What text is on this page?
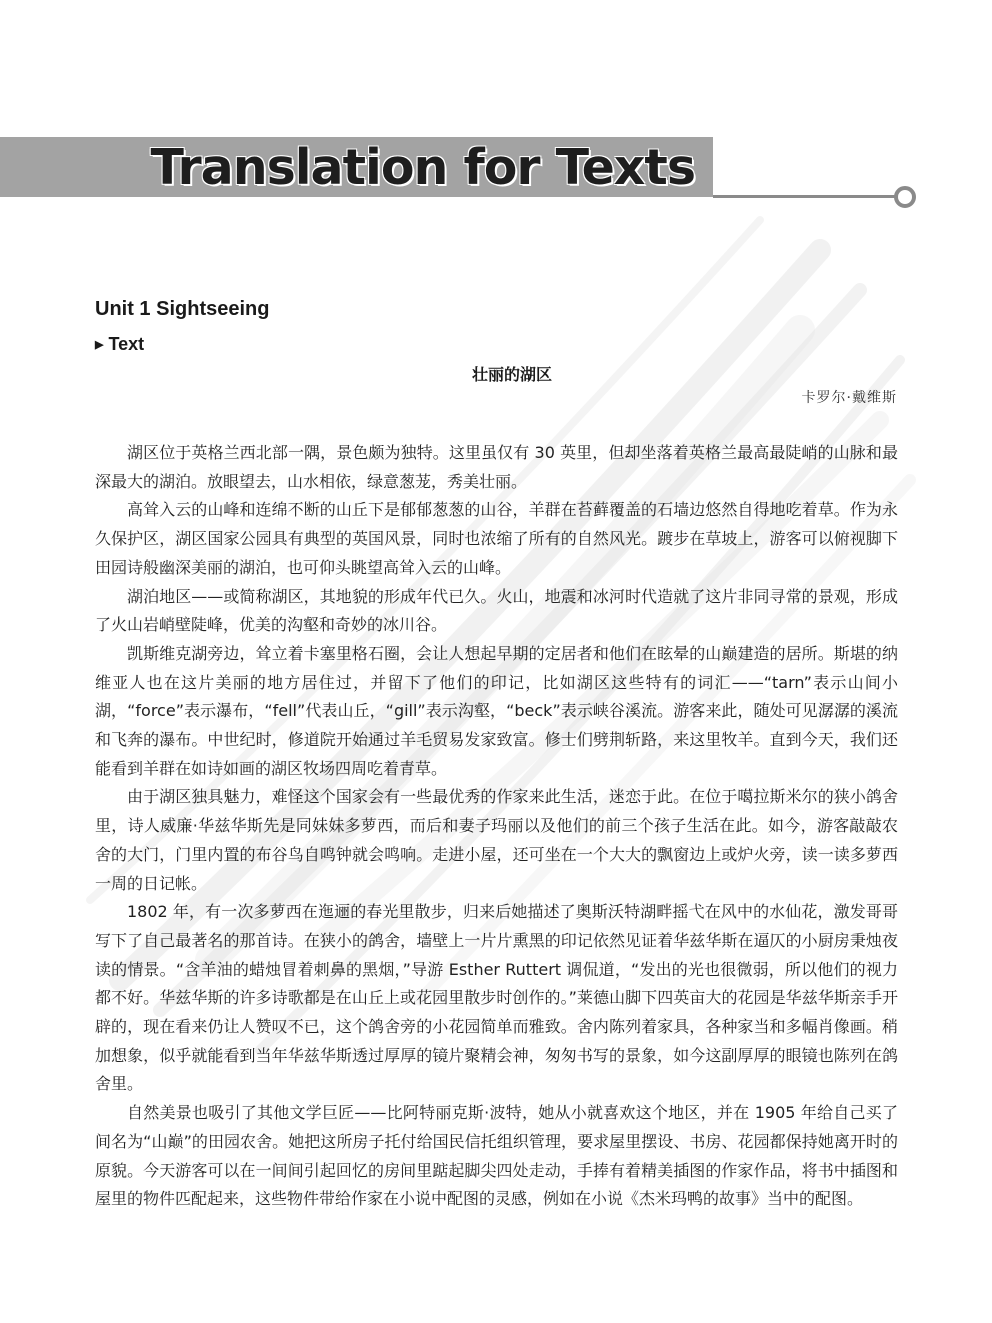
Translation for Texts
Unit 1 Sightseeing
▶ Text
壮丽的湖区
卡罗尔·戴维斯

湖区位于英格兰西北部一隅，景色颇为独特。这里虽仅有 30 英里，但却坐落着英格兰最高最陡峭的山脉和最深最大的湖泊。放眼望去，山水相依，绿意葱茏，秀美壮丽。

高耸入云的山峰和连绵不断的山丘下是郁郁葱葱的山谷，羊群在苔藓覆盖的石墙边悠然自得地吃着草。作为永久保护区，湖区国家公园具有典型的英国风景，同时也浓缩了所有的自然风光。踱步在草坡上，游客可以俯视脚下田园诗般幽深美丽的湖泊，也可仰头眺望高耸入云的山峰。

湖泊地区——或简称湖区，其地貌的形成年代已久。火山，地震和冰河时代造就了这片非同寻常的景观，形成了火山岩峭壁陡峰，优美的沟壑和奇妙的冰川谷。

凯斯维克湖旁边，耸立着卡塞里格石圈，会让人想起早期的定居者和他们在眩晕的山巅建造的居所。斯堪的纳维亚人也在这片美丽的地方居住过，并留下了他们的印记，比如湖区这些特有的词汇——“tarn”表示山间小湖，“force”表示瀑布，“fell”代表山丘，“gill”表示沟壑，“beck”表示峡谷溪流。游客来此，随处可见潺潺的溪流和飞奔的瀑布。中世纪时，修道院开始通过羊毛贸易发家致富。修士们劈荆斩路，来这里牧羊。直到今天，我们还能看到羊群在如诗如画的湖区牧场四周吃着青草。

由于湖区独具魅力，难怪这个国家会有一些最优秀的作家来此生活，迷恋于此。在位于噶拉斯米尔的狭小鸽舍里，诗人威廉·华兹华斯先是同妹妹多萝西，而后和妻子玛丽以及他们的前三个孩子生活在此。如今，游客敲敲农舍的大门，门里内置的布谷鸟自鸣钟就会鸣响。走进小屋，还可坐在一个大大的飘窗边上或炉火旁，读一读多萝西一周的日记帐。

1802 年，有一次多萝西在迤逦的春光里散步，归来后她描述了奥斯沃特湖畔摇弋在风中的水仙花，激发哥哥写下了自己最著名的那首诗。在狭小的鸽舍，墙壁上一片片熏黑的印记依然见证着华兹华斯在逼仄的小厨房秉烛夜读的情景。“含羊油的蜡烛冒着刺鼻的黑烟，”导游 Esther Ruttert 调侃道，“发出的光也很微弱，所以他们的视力都不好。华兹华斯的许多诗歌都是在山丘上或花园里散步时创作的。”莱德山脚下四英亩大的花园是华兹华斯亲手开辟的，现在看来仍让人赞叹不已，这个鸽舍旁的小花园简单而雅致。舍内陈列着家具，各种家当和多幅肖像画。稍加想象，似乎就能看到当年华兹华斯透过厚厚的镜片聚精会神，匆匆书写的景象，如今这副厚厚的眼镜也陈列在鸽舍里。

自然美景也吸引了其他文学巨匠——比阿特丽克斯·波特，她从小就喜欢这个地区，并在 1905 年给自己买了间名为“山巅”的田园农舍。她把这所房子托付给国民信托组织管理，要求屋里摆设、书房、花园都保持她离开时的原貌。今天游客可以在一间间引起回忆的房间里踮起脚尖四处走动，手捧有着精美插图的作家作品，将书中插图和屋里的物件匹配起来，这些物件带给作家在小说中配图的灵感，例如在小说《杰米玛鸭的故事》当中的配图。
